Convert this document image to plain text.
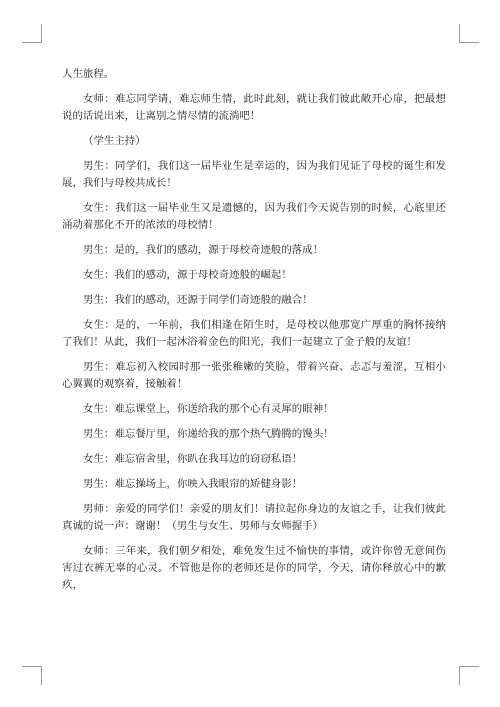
人生旅程。

女师：难忘同学请，难忘师生情，此时此刻，就让我们彼此敞开心扉，把最想说的话说出来，让离别之情尽情的流淌吧！

（学生主持）

男生：同学们，我们这一届毕业生是幸运的，因为我们见证了母校的诞生和发展，我们与母校共成长！

女生：我们这一届毕业生又是遗憾的，因为我们今天说告别的时候，心底里还涌动着那化不开的浓浓的母校情！

男生：是的，我们的感动，源于母校奇迹般的落成！

女生：我们的感动，源于母校奇迹般的崛起！

男生：我们的感动，还源于同学们奇迹般的融合！

女生：是的，一年前，我们相逢在陌生时，是母校以他那宽广厚重的胸怀接纳了我们！从此，我们一起沐浴着金色的阳光，我们一起建立了金子般的友谊！

男生：难忘初入校园时那一张张稚嫩的笑脸，带着兴奋、忐忑与羞涩，互相小心翼翼的观察着，接触着！

女生：难忘课堂上，你送给我的那个心有灵犀的眼神！

男生：难忘餐厅里，你递给我的那个热气腾腾的馒头！

女生：难忘宿舍里，你趴在我耳边的窃窃私语！

男生：难忘操场上，你映入我眼帘的矫健身影！

男师：亲爱的同学们！亲爱的朋友们！请拉起你身边的友谊之手，让我们彼此真诚的说一声：谢谢！（男生与女生、男师与女师握手）

女师：三年来，我们朝夕相处，难免发生过不愉快的事情，或许你曾无意间伤害过衣裤无辜的心灵。不管他是你的老师还是你的同学，今天，请你释放心中的歉疚，
